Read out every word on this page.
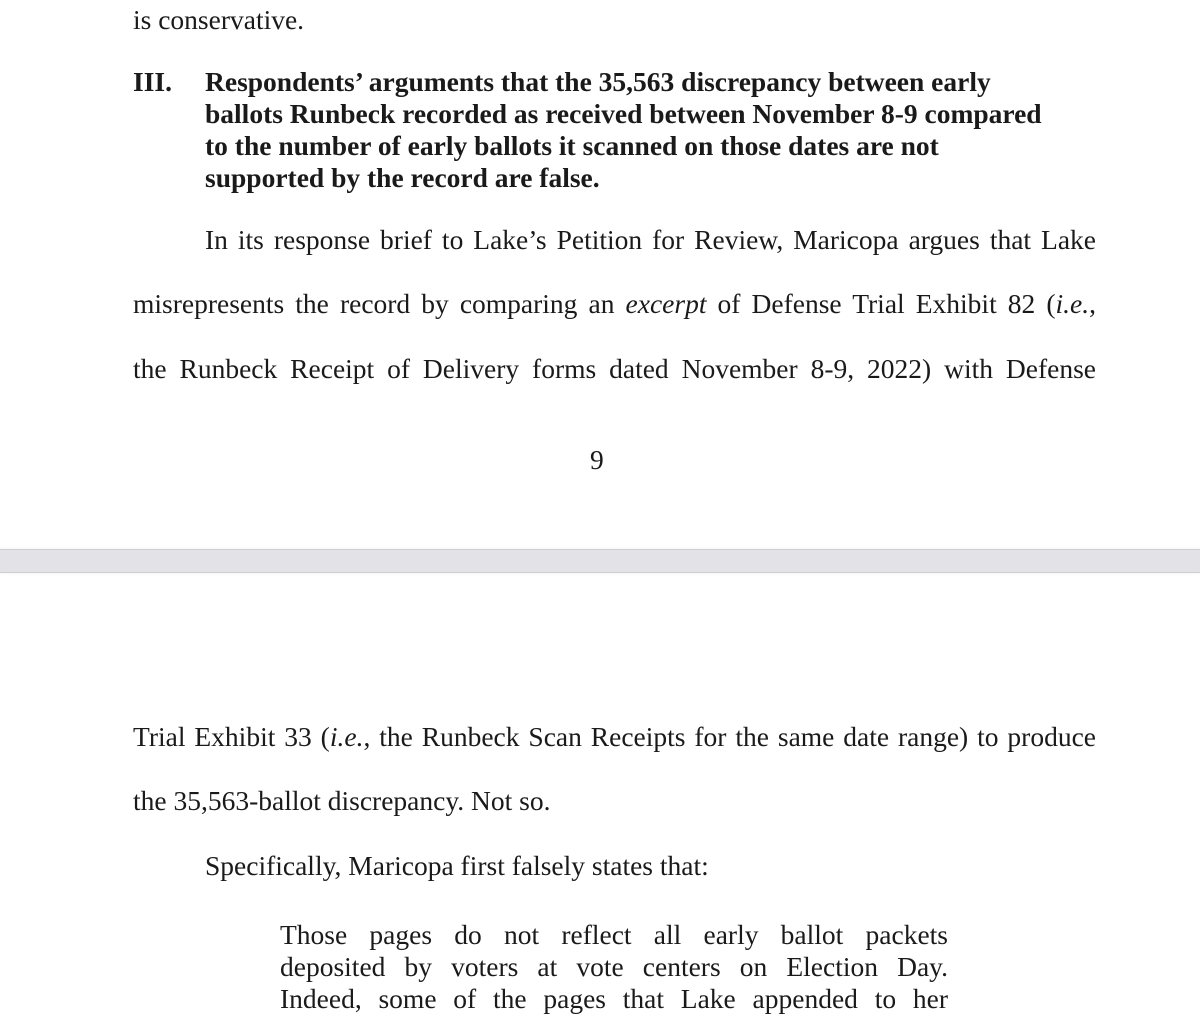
is conservative.
III. Respondents’ arguments that the 35,563 discrepancy between early
ballots Runbeck recorded as received between November 8-9 compared
to the number of early ballots it scanned on those dates are not
supported by the record are false.
In its response brief to Lake’s Petition for Review, Maricopa argues that Lake
misrepresents the record by comparing an excerpt of Defense Trial Exhibit 82 (i.e.,
the Runbeck Receipt of Delivery forms dated November 8-9, 2022) with Defense
9
Trial Exhibit 33 (i.e., the Runbeck Scan Receipts for the same date range) to produce
the 35,563-ballot discrepancy. Not so.
Specifically, Maricopa first falsely states that:
Those pages do not reflect all early ballot packets
deposited by voters at vote centers on Election Day.
Indeed, some of the pages that Lake appended to her
